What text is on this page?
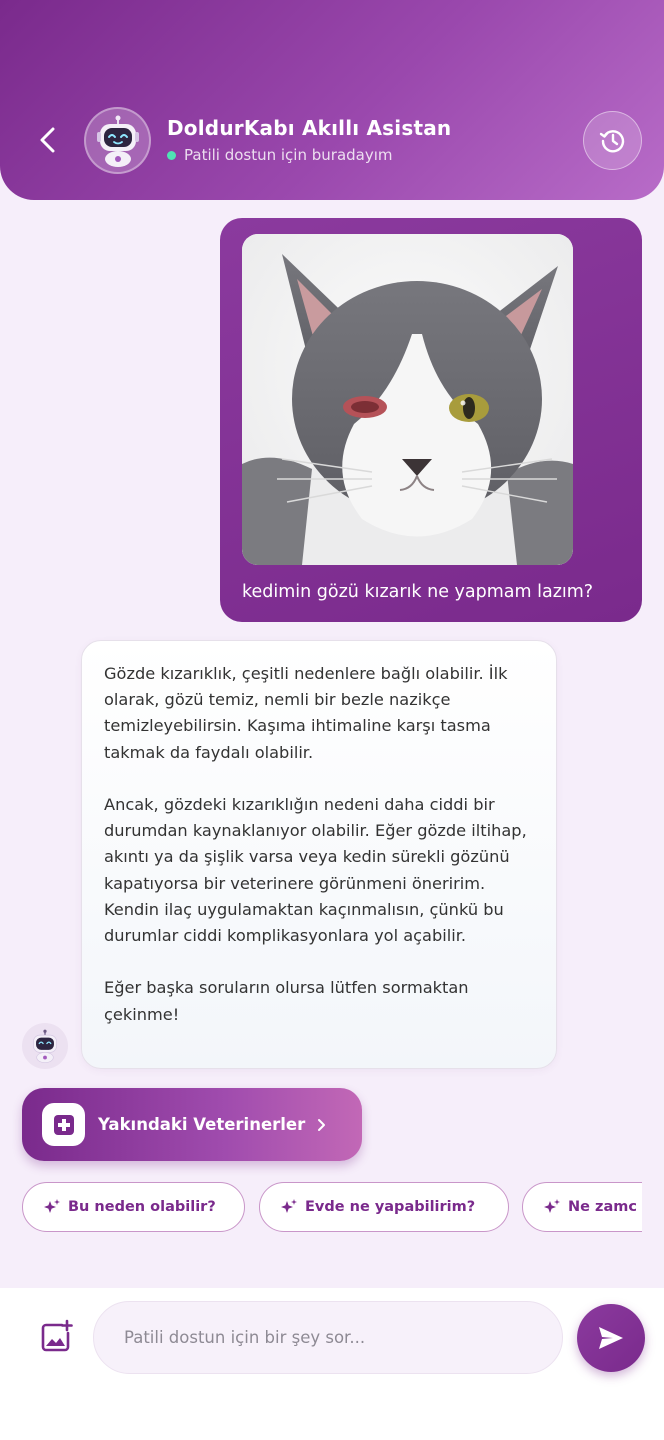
DoldurKabı Akıllı Asistan
Patili dostun için buradayım
kedimin gözü kızarık ne yapmam lazım?

Gözde kızarıklık, çeşitli nedenlere bağlı olabilir. İlk olarak, gözü temiz, nemli bir bezle nazikçe temizleyebilirsin. Kaşıma ihtimaline karşı tasma takmak da faydalı olabilir.

Ancak, gözdeki kızarıklığın nedeni daha ciddi bir durumdan kaynaklanıyor olabilir. Eğer gözde iltihap, akıntı ya da şişlik varsa veya kedin sürekli gözünü kapatıyorsa bir veterinere görünmeni öneririm. Kendin ilaç uygulamaktan kaçınmalısın, çünkü bu durumlar ciddi komplikasyonlara yol açabilir.

Eğer başka soruların olursa lütfen sormaktan çekinme!

Yakındaki Veterinerler
Bu neden olabilir?	Evde ne yapabilirim?	Ne zamc
Patili dostun için bir şey sor...
